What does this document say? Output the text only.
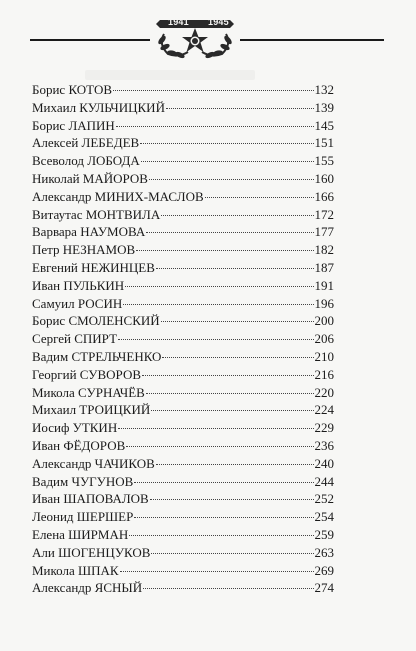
1941 1945
Борис КОТОВ	132
Михаил КУЛЬЧИЦКИЙ	139
Борис ЛАПИН	145
Алексей ЛЕБЕДЕВ	151
Всеволод ЛОБОДА	155
Николай МАЙОРОВ	160
Александр МИНИХ-МАСЛОВ	166
Витаутас МОНТВИЛА	172
Варвара НАУМОВА	177
Петр НЕЗНАМОВ	182
Евгений НЕЖИНЦЕВ	187
Иван ПУЛЬКИН	191
Самуил РОСИН	196
Борис СМОЛЕНСКИЙ	200
Сергей СПИРТ	206
Вадим СТРЕЛЬЧЕНКО	210
Георгий СУВОРОВ	216
Микола СУРНАЧЁВ	220
Михаил ТРОИЦКИЙ	224
Иосиф УТКИН	229
Иван ФЁДОРОВ	236
Александр ЧАЧИКОВ	240
Вадим ЧУГУНОВ	244
Иван ШАПОВАЛОВ	252
Леонид ШЕРШЕР	254
Елена ШИРМАН	259
Али ШОГЕНЦУКОВ	263
Микола ШПАК	269
Александр ЯСНЫЙ	274
